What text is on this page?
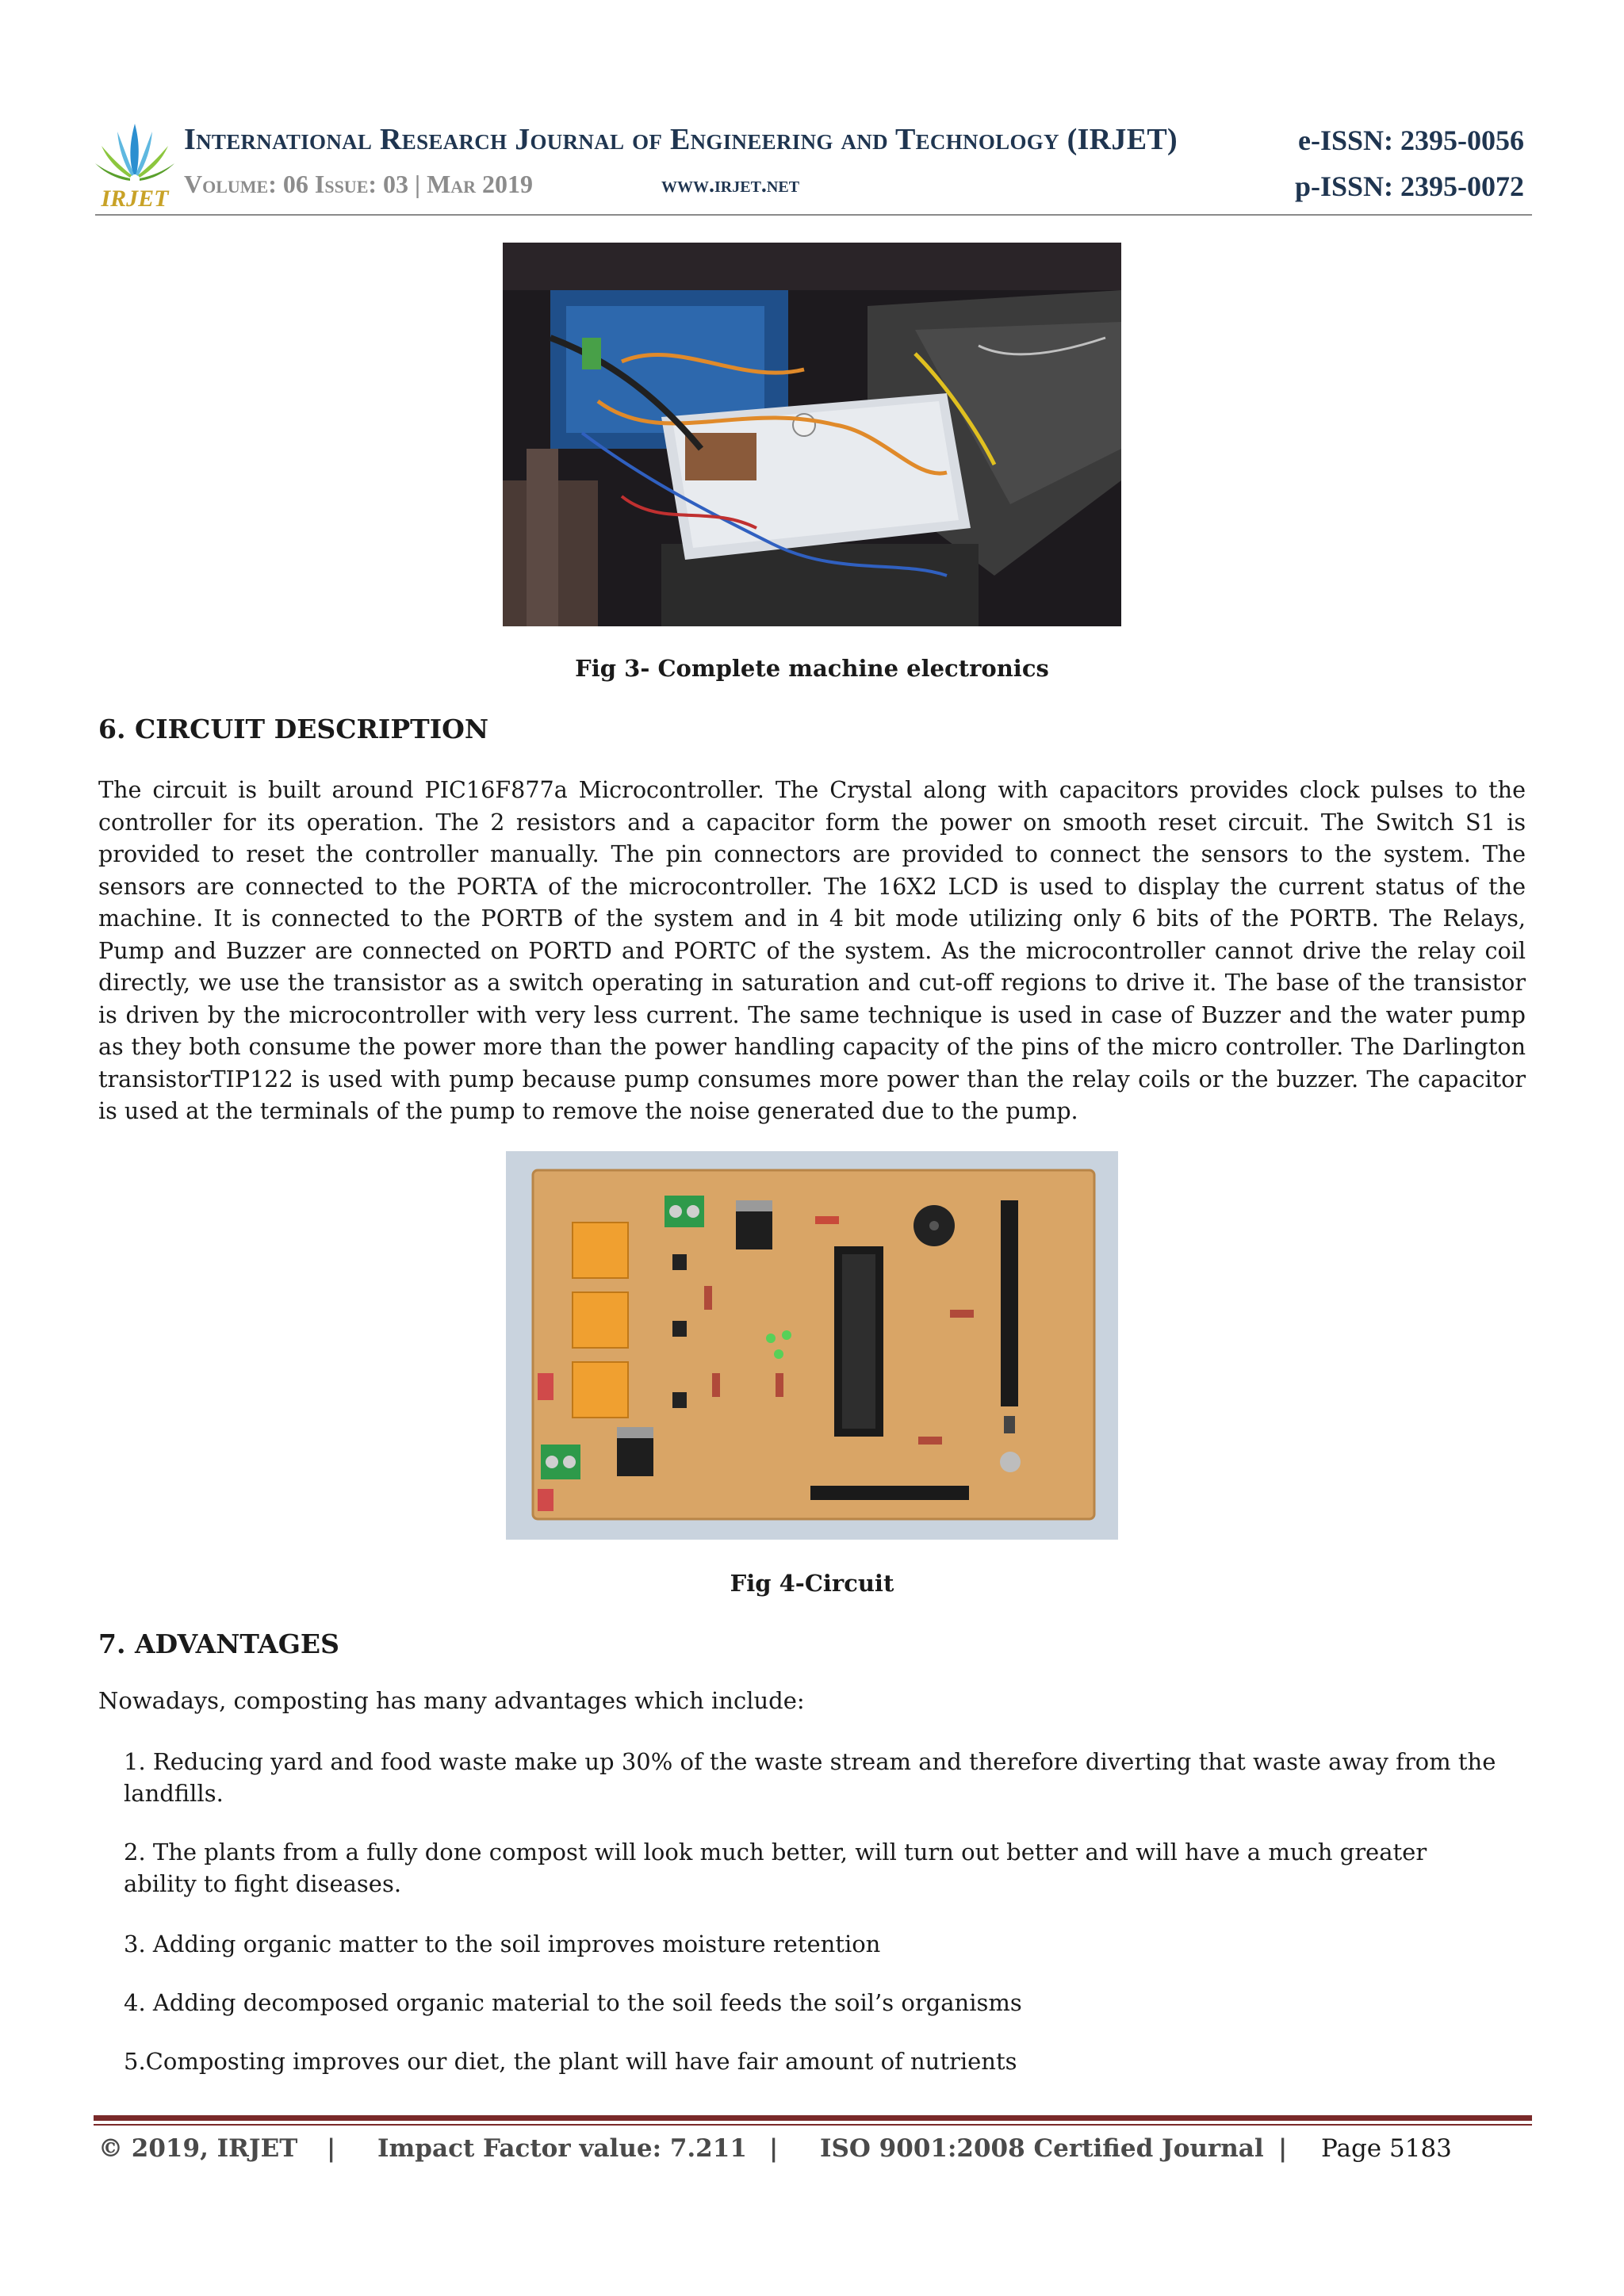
IRJET
International Research Journal of Engineering and Technology (IRJET)	e-ISSN: 2395-0056
Volume: 06 Issue: 03 | Mar 2019	www.irjet.net	p-ISSN: 2395-0072
Fig 3- Complete machine electronics
6. CIRCUIT DESCRIPTION
The circuit is built around PIC16F877a Microcontroller. The Crystal along with capacitors provides clock pulses to the controller for its operation. The 2 resistors and a capacitor form the power on smooth reset circuit. The Switch S1 is provided to reset the controller manually. The pin connectors are provided to connect the sensors to the system. The sensors are connected to the PORTA of the microcontroller. The 16X2 LCD is used to display the current status of the machine. It is connected to the PORTB of the system and in 4 bit mode utilizing only 6 bits of the PORTB. The Relays, Pump and Buzzer are connected on PORTD and PORTC of the system. As the microcontroller cannot drive the relay coil directly, we use the transistor as a switch operating in saturation and cut-off regions to drive it. The base of the transistor is driven by the microcontroller with very less current. The same technique is used in case of Buzzer and the water pump as they both consume the power more than the power handling capacity of the pins of the micro controller. The Darlington transistorTIP122 is used with pump because pump consumes more power than the relay coils or the buzzer. The capacitor is used at the terminals of the pump to remove the noise generated due to the pump.
Fig 4-Circuit
7. ADVANTAGES
Nowadays, composting has many advantages which include:
1. Reducing yard and food waste make up 30% of the waste stream and therefore diverting that waste away from the landfills.
2. The plants from a fully done compost will look much better, will turn out better and will have a much greater ability to fight diseases.
3. Adding organic matter to the soil improves moisture retention
4. Adding decomposed organic material to the soil feeds the soil’s organisms
5.Composting improves our diet, the plant will have fair amount of nutrients
© 2019, IRJET | Impact Factor value: 7.211 | ISO 9001:2008 Certified Journal | Page 5183
